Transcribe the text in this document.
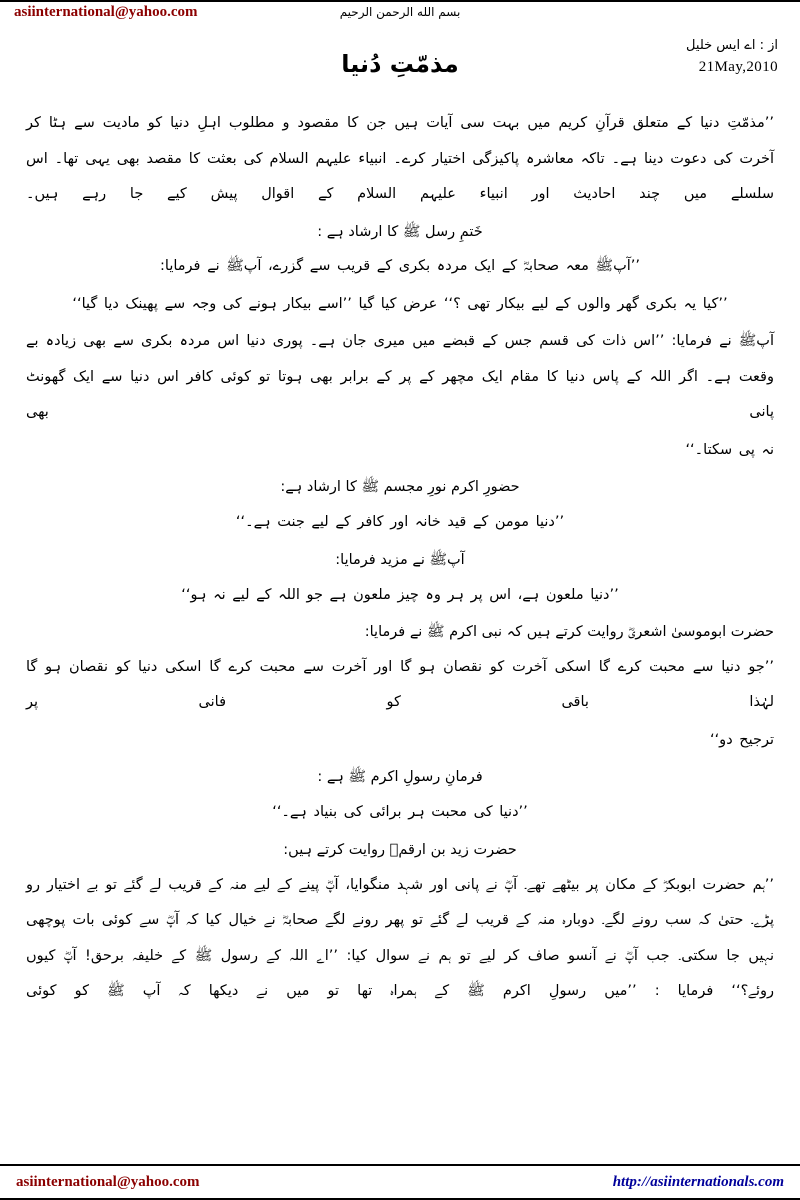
asiinternational@yahoo.com	بسم الله الرحمن الرحيم
از : اے ایس خلیل
21May,2010
مذمّتِ دُنیا

’’مذمّتِ دنیا کے متعلق قرآنِ کریم میں بہت سی آیات ہیں جن کا مقصود و مطلوب اہلِ دنیا کو مادیت سے ہٹا کر آخرت کی دعوت دینا ہے۔ تاکہ معاشرہ پاکیزگی اختیار کرے۔ انبیاء علیہم السلام کی بعثت کا مقصد بھی یہی تھا۔ اس سلسلے میں چند احادیث اور انبیاء علیہم السلام کے اقوال پیش کیے جا رہے ہیں۔

خَتمِ رسل ﷺ کا ارشاد ہے :

’’آپﷺ معہ صحابہؓ کے ایک مردہ بکری کے قریب سے گزرے، آپﷺ نے فرمایا:

’’کیا یہ بکری گھر والوں کے لیے بیکار تھی ؟‘‘ عرض کیا گیا ’’اسے بیکار ہونے کی وجہ سے پھینک دیا گیا‘‘

آپﷺ نے فرمایا: ’’اس ذات کی قسم جس کے قبضے میں میری جان ہے۔ پوری دنیا اس مردہ بکری سے بھی زیادہ بے وقعت ہے۔ اگر اللہ کے پاس دنیا کا مقام ایک مچھر کے پر کے برابر بھی ہوتا تو کوئی کافر اس دنیا سے ایک گھونٹ پانی بھی

نہ پی سکتا۔‘‘

حضورِ اکرم نورِ مجسم ﷺ کا ارشاد ہے:

’’دنیا مومن کے قید خانہ اور کافر کے لیے جنت ہے۔‘‘

آپﷺ نے مزید فرمایا:

’’دنیا ملعون ہے، اس پر ہر وہ چیز ملعون ہے جو اللہ کے لیے نہ ہو‘‘

حضرت ابوموسیٰ اشعریؓ روایت کرتے ہیں کہ نبی اکرم ﷺ نے فرمایا:

’’جو دنیا سے محبت کرے گا اسکی آخرت کو نقصان ہو گا اور آخرت سے محبت کرے گا اسکی دنیا کو نقصان ہو گا لہٰذا باقی کو فانی پر

ترجیح دو‘‘

فرمانِ رسولِ اکرم ﷺ ہے :

’’دنیا کی محبت ہر برائی کی بنیاد ہے۔‘‘

حضرت زید بن ارقمؓ روایت کرتے ہیں:

’’ہم حضرت ابوبکرؓ کے مکان پر بیٹھے تھے۔ آپؓ نے پانی اور شہد منگوایا، آپؓ پینے کے لیے منہ کے قریب لے گئے تو بے اختیار رو پڑے۔ حتیٰ کہ سب رونے لگے۔ دوبارہ منہ کے قریب لے گئے تو پھر رونے لگے صحابہؓ نے خیال کیا کہ آپؓ سے کوئی بات پوچھی نہیں جا سکتی۔ جب آپؓ نے آنسو صاف کر لیے تو ہم نے سوال کیا: ’’اے اللہ کے رسول ﷺ کے خلیفہ برحق! آپؓ کیوں روئے؟‘‘ فرمایا : ’’میں رسولِ اکرم ﷺ کے ہمراہ تھا تو میں نے دیکھا کہ آپ ﷺ کو کوئی

asiinternational@yahoo.com	http://asiinternationals.com
